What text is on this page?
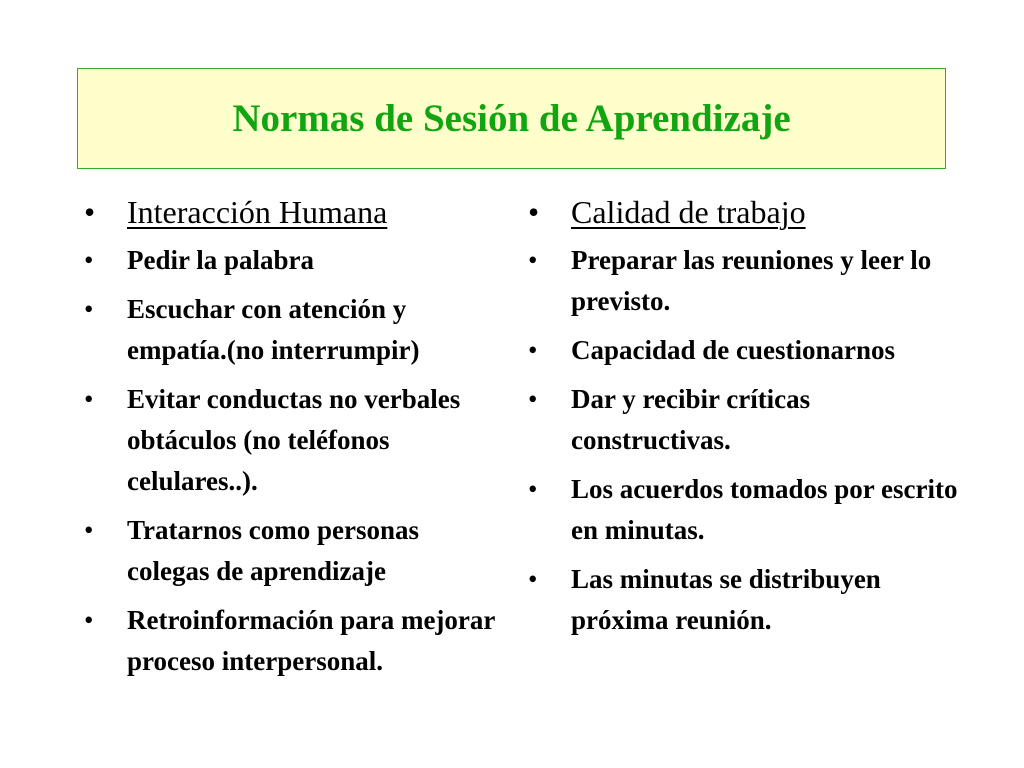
Normas de Sesión de Aprendizaje
• Interacción Humana
•	Pedir la palabra
•	Escuchar con atención y empatía.(no interrumpir)
•	Evitar conductas no verbales obtáculos (no teléfonos celulares..).
•	Tratarnos como personas colegas de aprendizaje
•	Retroinformación para mejorar proceso interpersonal.
• Calidad de trabajo
•	Preparar las reuniones y leer lo previsto.
•	Capacidad de cuestionarnos
•	Dar y recibir críticas constructivas.
•	Los acuerdos tomados por escrito en minutas.
•	Las minutas se distribuyen próxima reunión.
